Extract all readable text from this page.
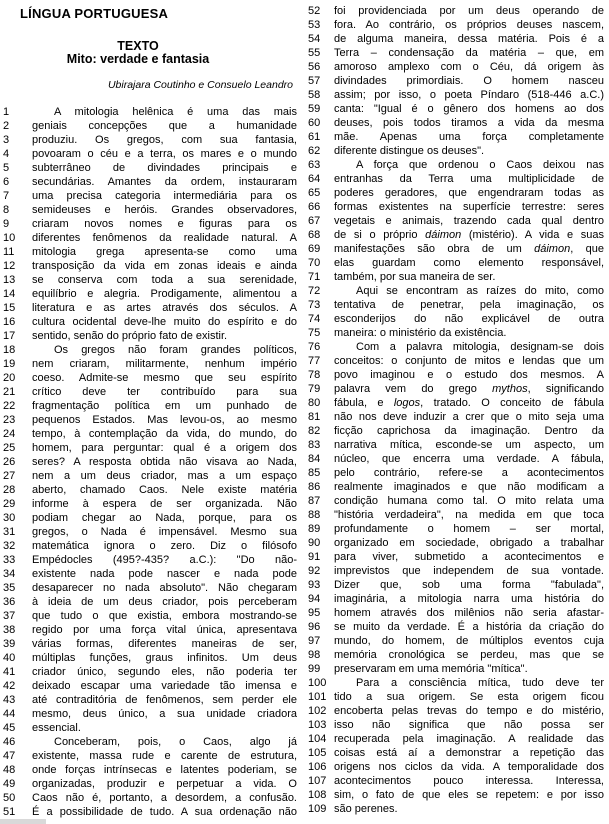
LÍNGUA PORTUGUESA
TEXTO
Mito: verdade e fantasia
Ubirajara Coutinho e Consuelo Leandro
1	A mitologia helênica é uma das mais
2	geniais concepções que a humanidade
3	produziu. Os gregos, com sua fantasia,
4	povoaram o céu e a terra, os mares e o mundo
5	subterrâneo de divindades principais e
6	secundárias. Amantes da ordem, instauraram
7	uma precisa categoria intermediária para os
8	semideuses e heróis. Grandes observadores,
9	criaram novos nomes e figuras para os
10	diferentes fenômenos da realidade natural. A
11	mitologia grega apresenta-se como uma
12	transposição da vida em zonas ideais e ainda
13	se conserva com toda a sua serenidade,
14	equilíbrio e alegria. Prodigamente, alimentou a
15	literatura e as artes através dos séculos. A
16	cultura ocidental deve-lhe muito do espírito e do
17	sentido, senão do próprio fato de existir.
18	Os gregos não foram grandes políticos,
19	nem criaram, militarmente, nenhum império
20	coeso. Admite-se mesmo que seu espírito
21	crítico deve ter contribuído para sua
22	fragmentação política em um punhado de
23	pequenos Estados. Mas levou-os, ao mesmo
24	tempo, à contemplação da vida, do mundo, do
25	homem, para perguntar: qual é a origem dos
26	seres? A resposta obtida não visava ao Nada,
27	nem a um deus criador, mas a um espaço
28	aberto, chamado Caos. Nele existe matéria
29	informe à espera de ser organizada. Não
30	podiam chegar ao Nada, porque, para os
31	gregos, o Nada é impensável. Mesmo sua
32	matemática ignora o zero. Diz o filósofo
33	Empédocles (495?-435? a.C.): "Do não-
34	existente nada pode nascer e nada pode
35	desaparecer no nada absoluto". Não chegaram
36	à ideia de um deus criador, pois perceberam
37	que tudo o que existia, embora mostrando-se
38	regido por uma força vital única, apresentava
39	várias formas, diferentes maneiras de ser,
40	múltiplas funções, graus infinitos. Um deus
41	criador único, segundo eles, não poderia ter
42	deixado escapar uma variedade tão imensa e
43	até contraditória de fenômenos, sem perder ele
44	mesmo, deus único, a sua unidade criadora
45	essencial.
46	Conceberam, pois, o Caos, algo já
47	existente, massa rude e carente de estrutura,
48	onde forças intrínsecas e latentes poderiam, se
49	organizadas, produzir e perpetuar a vida. O
50	Caos não é, portanto, a desordem, a confusão.
51	É a possibilidade de tudo. A sua ordenação não
52	foi providenciada por um deus operando de
53	fora. Ao contrário, os próprios deuses nascem,
54	de alguma maneira, dessa matéria. Pois é a
55	Terra – condensação da matéria – que, em
56	amoroso amplexo com o Céu, dá origem às
57	divindades primordiais. O homem nasceu
58	assim; por isso, o poeta Píndaro (518-446 a.C.)
59	canta: "Igual é o gênero dos homens ao dos
60	deuses, pois todos tiramos a vida da mesma
61	mãe. Apenas uma força completamente
62	diferente distingue os deuses".
63	A força que ordenou o Caos deixou nas
64	entranhas da Terra uma multiplicidade de
65	poderes geradores, que engendraram todas as
66	formas existentes na superfície terrestre: seres
67	vegetais e animais, trazendo cada qual dentro
68	de si o próprio dáimon (mistério). A vida e suas
69	manifestações são obra de um dáimon, que
70	elas guardam como elemento responsável,
71	também, por sua maneira de ser.
72	Aqui se encontram as raízes do mito, como
73	tentativa de penetrar, pela imaginação, os
74	esconderijos do não explicável de outra
75	maneira: o ministério da existência.
76	Com a palavra mitologia, designam-se dois
77	conceitos: o conjunto de mitos e lendas que um
78	povo imaginou e o estudo dos mesmos. A
79	palavra vem do grego mythos, significando
80	fábula, e logos, tratado. O conceito de fábula
81	não nos deve induzir a crer que o mito seja uma
82	ficção caprichosa da imaginação. Dentro da
83	narrativa mítica, esconde-se um aspecto, um
84	núcleo, que encerra uma verdade. A fábula,
85	pelo contrário, refere-se a acontecimentos
86	realmente imaginados e que não modificam a
87	condição humana como tal. O mito relata uma
88	"história verdadeira", na medida em que toca
89	profundamente o homem – ser mortal,
90	organizado em sociedade, obrigado a trabalhar
91	para viver, submetido a acontecimentos e
92	imprevistos que independem de sua vontade.
93	Dizer que, sob uma forma "fabulada",
94	imaginária, a mitologia narra uma história do
95	homem através dos milênios não seria afastar-
96	se muito da verdade. É a história da criação do
97	mundo, do homem, de múltiplos eventos cuja
98	memória cronológica se perdeu, mas que se
99	preservaram em uma memória "mítica".
100	Para a consciência mítica, tudo deve ter
101 tido a sua origem. Se esta origem ficou
102 encoberta pelas trevas do tempo e do mistério,
103 isso não significa que não possa ser
104 recuperada pela imaginação. A realidade das
105 coisas está aí a demonstrar a repetição das
106 origens nos ciclos da vida. A temporalidade dos
107 acontecimentos pouco interessa. Interessa,
108 sim, o fato de que eles se repetem: e por isso
109 são perenes.
